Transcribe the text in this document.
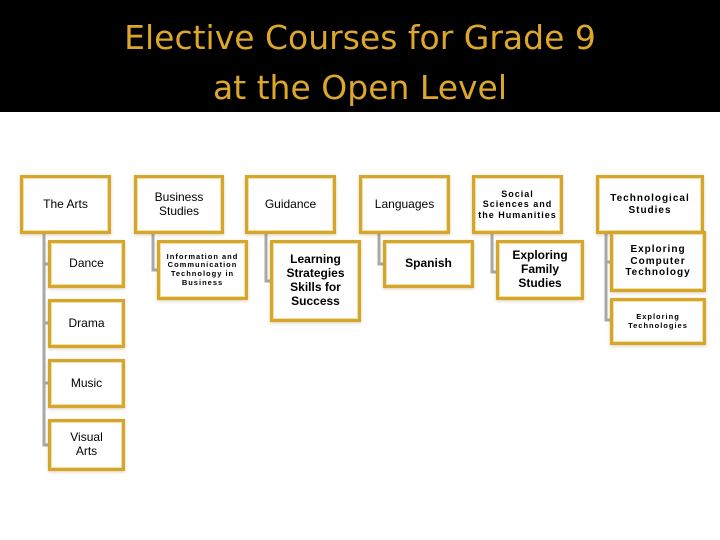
Elective Courses for Grade 9
at the Open Level
The Arts	Business Studies	Guidance	Languages
Social Sciences and the Humanities
Technological Studies
Dance
Drama
Music
Visual Arts
Information and Communication Technology in Business
Learning Strategies Skills for Success
Spanish
Exploring Family Studies
Exploring Computer Technology
Exploring Technologies
